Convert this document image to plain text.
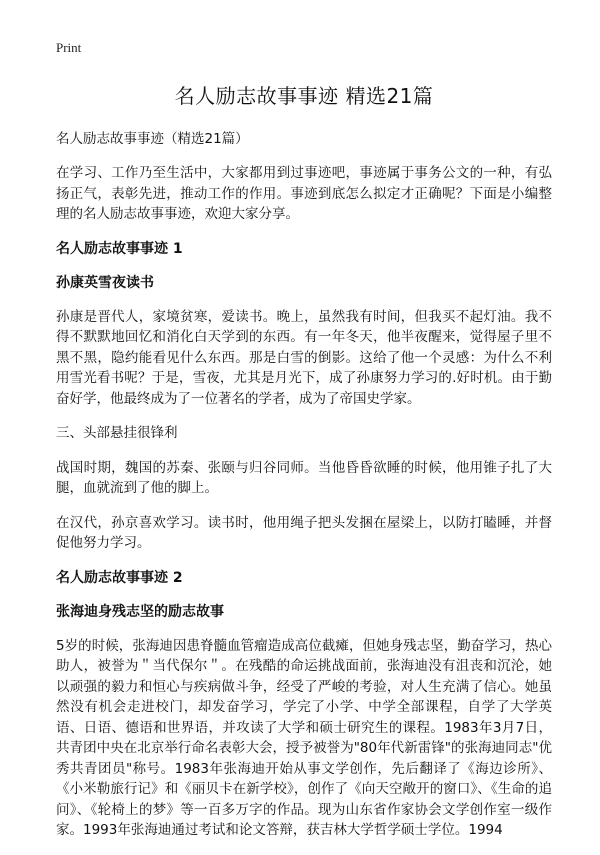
Print
名人励志故事事迹 精选21篇
名人励志故事事迹（精选21篇）

在学习、工作乃至生活中，大家都用到过事迹吧，事迹属于事务公文的一种，有弘扬正气，表彰先进，推动工作的作用。事迹到底怎么拟定才正确呢？下面是小编整理的名人励志故事事迹，欢迎大家分享。

名人励志故事事迹 1
孙康英雪夜读书

孙康是晋代人，家境贫寒，爱读书。晚上，虽然我有时间，但我买不起灯油。我不得不默默地回忆和消化白天学到的东西。有一年冬天，他半夜醒来，觉得屋子里不黑不黑，隐约能看见什么东西。那是白雪的倒影。这给了他一个灵感：为什么不利用雪光看书呢？于是，雪夜，尤其是月光下，成了孙康努力学习的.好时机。由于勤奋好学，他最终成为了一位著名的学者，成为了帝国史学家。

三、头部悬挂很锋利

战国时期，魏国的苏秦、张颐与归谷同师。当他昏昏欲睡的时候，他用锥子扎了大腿，血就流到了他的脚上。

在汉代，孙京喜欢学习。读书时，他用绳子把头发捆在屋梁上，以防打瞌睡，并督促他努力学习。

名人励志故事事迹 2
张海迪身残志坚的励志故事

5岁的时候，张海迪因患脊髓血管瘤造成高位截瘫，但她身残志坚，勤奋学习，热心助人，被誉为＂当代保尔＂。在残酷的命运挑战面前，张海迪没有沮丧和沉沦，她以顽强的毅力和恒心与疾病做斗争，经受了严峻的考验，对人生充满了信心。她虽然没有机会走进校门，却发奋学习，学完了小学、中学全部课程，自学了大学英语、日语、德语和世界语，并攻读了大学和硕士研究生的课程。1983年3月7日，共青团中央在北京举行命名表彰大会，授予被誉为"80年代新雷锋"的张海迪同志"优秀共青团员"称号。1983年张海迪开始从事文学创作，先后翻译了《海边诊所》、《小米勒旅行记》和《丽贝卡在新学校》，创作了《向天空敞开的窗口》、《生命的追问》、《轮椅上的梦》等一百多万字的作品。现为山东省作家协会文学创作室一级作家。1993年张海迪通过考试和论文答辩，获吉林大学哲学硕士学位。1994
